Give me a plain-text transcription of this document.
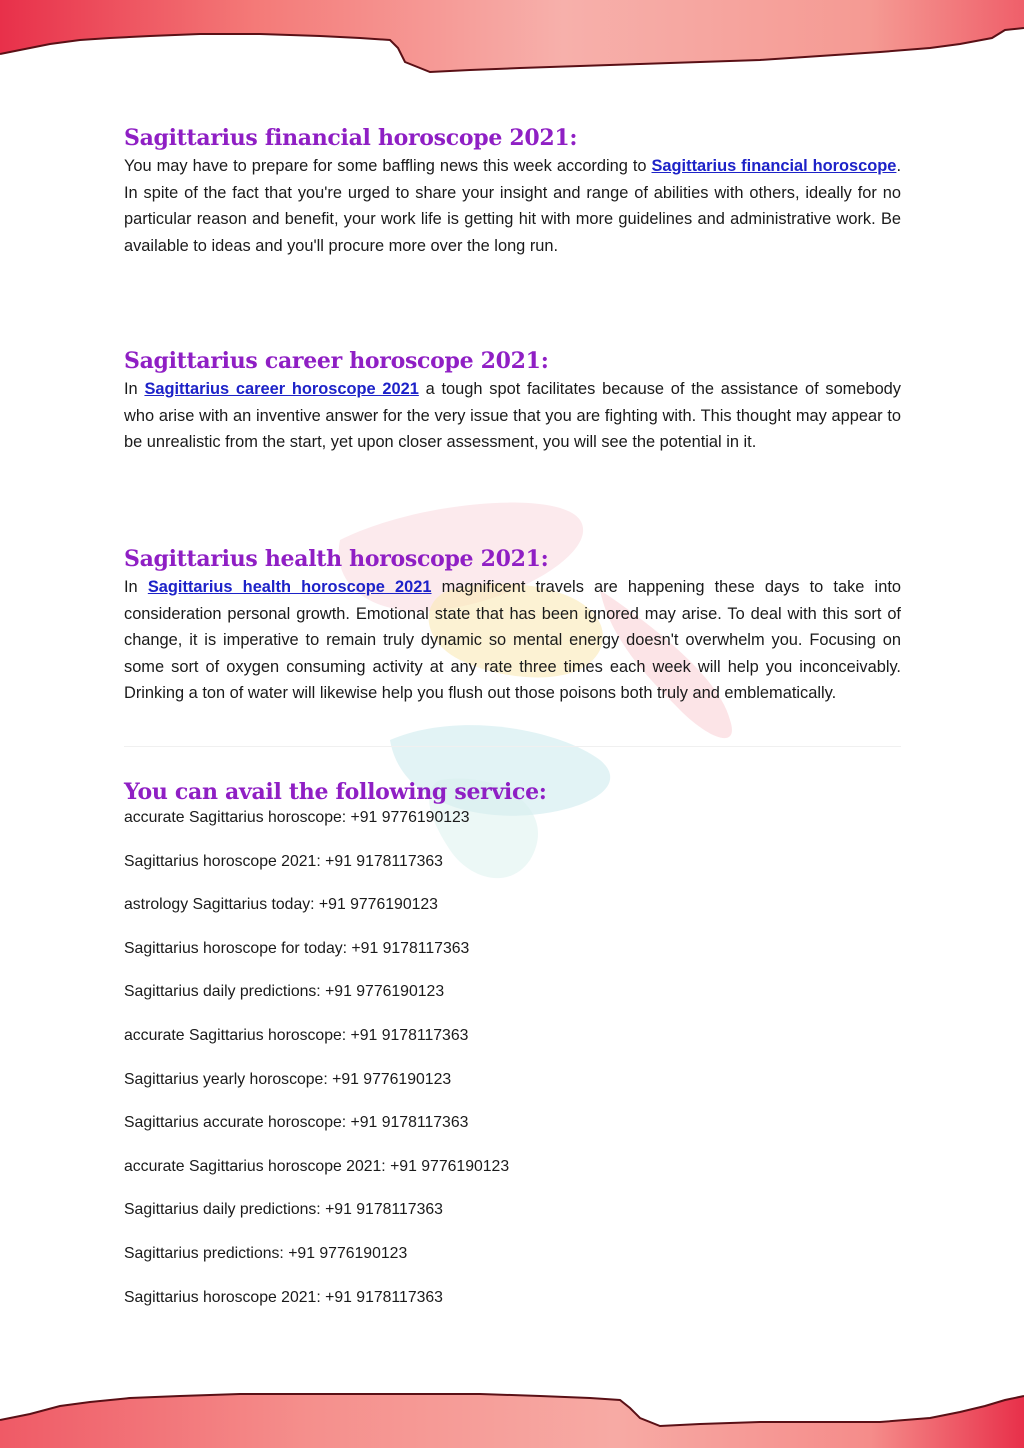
Sagittarius financial horoscope 2021:

You may have to prepare for some baffling news this week according to Sagittarius financial horoscope. In spite of the fact that you're urged to share your insight and range of abilities with others, ideally for no particular reason and benefit, your work life is getting hit with more guidelines and administrative work. Be available to ideas and you'll procure more over the long run.

Sagittarius career horoscope 2021:

In Sagittarius career horoscope 2021 a tough spot facilitates because of the assistance of somebody who arise with an inventive answer for the very issue that you are fighting with. This thought may appear to be unrealistic from the start, yet upon closer assessment, you will see the potential in it.

Sagittarius health horoscope 2021:

In Sagittarius health horoscope 2021 magnificent travels are happening these days to take into consideration personal growth. Emotional state that has been ignored may arise. To deal with this sort of change, it is imperative to remain truly dynamic so mental energy doesn't overwhelm you. Focusing on some sort of oxygen consuming activity at any rate three times each week will help you inconceivably. Drinking a ton of water will likewise help you flush out those poisons both truly and emblematically.

You can avail the following service:
accurate Sagittarius horoscope: +91 9776190123
Sagittarius horoscope 2021: +91 9178117363
astrology Sagittarius today: +91 9776190123
Sagittarius horoscope for today: +91 9178117363
Sagittarius daily predictions: +91 9776190123
accurate Sagittarius horoscope: +91 9178117363
Sagittarius yearly horoscope: +91 9776190123
Sagittarius accurate horoscope: +91 9178117363
accurate Sagittarius horoscope 2021: +91 9776190123
Sagittarius daily predictions: +91 9178117363
Sagittarius predictions: +91 9776190123
Sagittarius horoscope 2021: +91 9178117363
